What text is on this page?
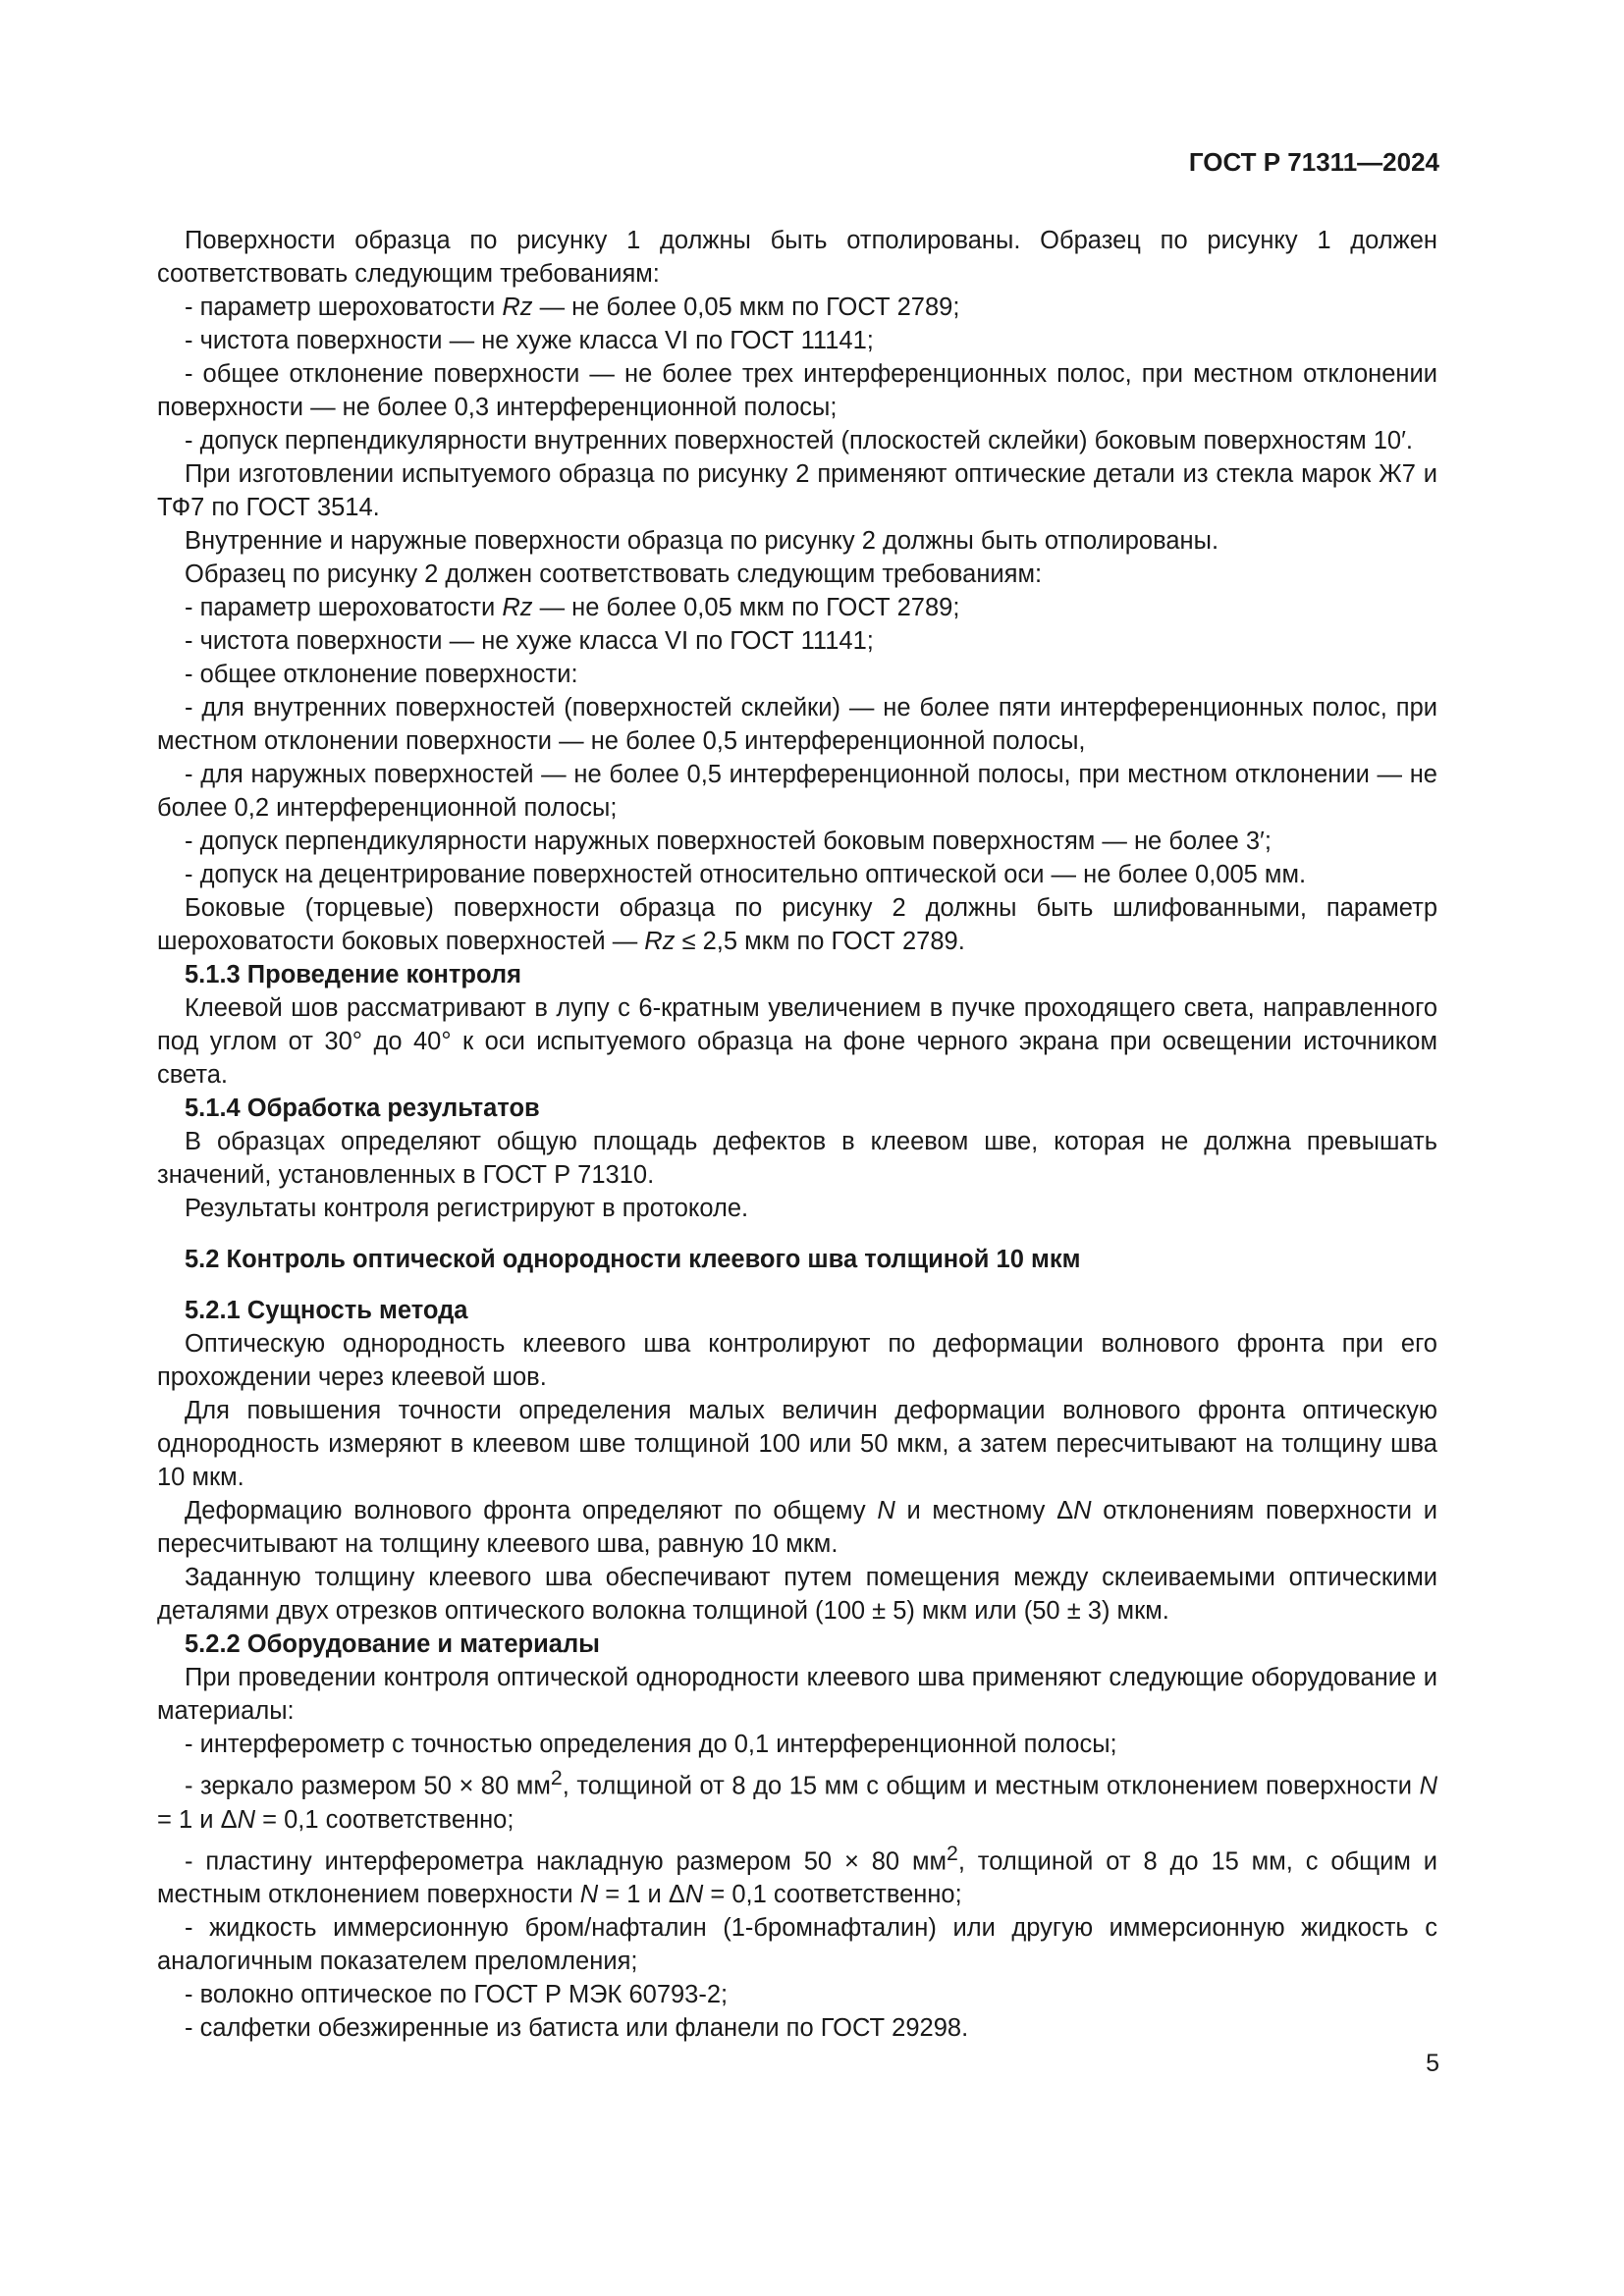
ГОСТ Р 71311—2024

Поверхности образца по рисунку 1 должны быть отполированы. Образец по рисунку 1 должен соответствовать следующим требованиям:

- параметр шероховатости Rz — не более 0,05 мкм по ГОСТ 2789;

- чистота поверхности — не хуже класса VI по ГОСТ 11141;

- общее отклонение поверхности — не более трех интерференционных полос, при местном отклонении поверхности — не более 0,3 интерференционной полосы;

- допуск перпендикулярности внутренних поверхностей (плоскостей склейки) боковым поверхностям 10′.

При изготовлении испытуемого образца по рисунку 2 применяют оптические детали из стекла марок Ж7 и ТФ7 по ГОСТ 3514.

Внутренние и наружные поверхности образца по рисунку 2 должны быть отполированы.

Образец по рисунку 2 должен соответствовать следующим требованиям:

- параметр шероховатости Rz — не более 0,05 мкм по ГОСТ 2789;

- чистота поверхности — не хуже класса VI по ГОСТ 11141;

- общее отклонение поверхности:

- для внутренних поверхностей (поверхностей склейки) — не более пяти интерференционных полос, при местном отклонении поверхности — не более 0,5 интерференционной полосы,

- для наружных поверхностей — не более 0,5 интерференционной полосы, при местном отклонении — не более 0,2 интерференционной полосы;

- допуск перпендикулярности наружных поверхностей боковым поверхностям — не более 3′;

- допуск на децентрирование поверхностей относительно оптической оси — не более 0,005 мм.

Боковые (торцевые) поверхности образца по рисунку 2 должны быть шлифованными, параметр шероховатости боковых поверхностей — Rz ≤ 2,5 мкм по ГОСТ 2789.

5.1.3 Проведение контроля

Клеевой шов рассматривают в лупу с 6-кратным увеличением в пучке проходящего света, направленного под углом от 30° до 40° к оси испытуемого образца на фоне черного экрана при освещении источником света.

5.1.4 Обработка результатов

В образцах определяют общую площадь дефектов в клеевом шве, которая не должна превышать значений, установленных в ГОСТ Р 71310.

Результаты контроля регистрируют в протоколе.

5.2 Контроль оптической однородности клеевого шва толщиной 10 мкм

5.2.1 Сущность метода

Оптическую однородность клеевого шва контролируют по деформации волнового фронта при его прохождении через клеевой шов.

Для повышения точности определения малых величин деформации волнового фронта оптическую однородность измеряют в клеевом шве толщиной 100 или 50 мкм, а затем пересчитывают на толщину шва 10 мкм.

Деформацию волнового фронта определяют по общему N и местному ΔN отклонениям поверхности и пересчитывают на толщину клеевого шва, равную 10 мкм.

Заданную толщину клеевого шва обеспечивают путем помещения между склеиваемыми оптическими деталями двух отрезков оптического волокна толщиной (100 ± 5) мкм или (50 ± 3) мкм.

5.2.2 Оборудование и материалы

При проведении контроля оптической однородности клеевого шва применяют следующие оборудование и материалы:

- интерферометр с точностью определения до 0,1 интерференционной полосы;

- зеркало размером 50 × 80 $мм^2$, толщиной от 8 до 15 мм с общим и местным отклонением поверхности N = 1 и ΔN = 0,1 соответственно;

- пластину интерферометра накладную размером 50 × 80 $мм^2$, толщиной от 8 до 15 мм, с общим и местным отклонением поверхности N = 1 и ΔN = 0,1 соответственно;

- жидкость иммерсионную бром/нафталин (1-бромнафталин) или другую иммерсионную жидкость с аналогичным показателем преломления;

- волокно оптическое по ГОСТ Р МЭК 60793-2;

- салфетки обезжиренные из батиста или фланели по ГОСТ 29298.

5
